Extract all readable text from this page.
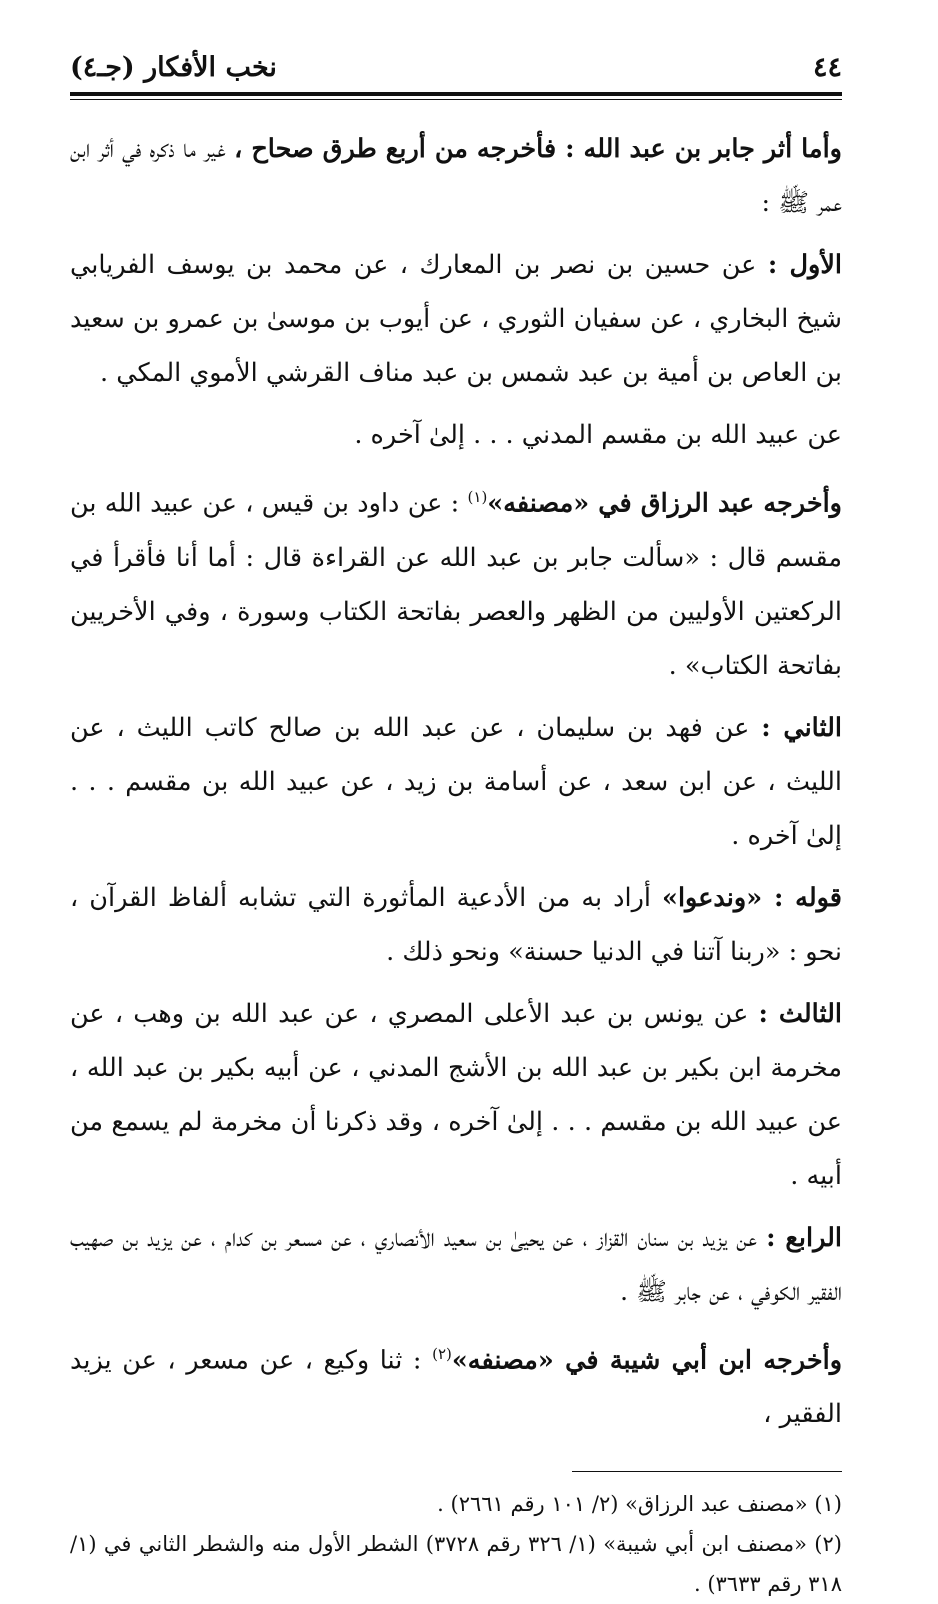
٤٤
نخب الأفكار (جـ٤)

وأما أثر جابر بن عبد الله : فأخرجه من أربع طرق صحاح ، غير ما ذكره في أثر ابن عمر ﷺ :

الأول : عن حسين بن نصر بن المعارك ، عن محمد بن يوسف الفريابي شيخ البخاري ، عن سفيان الثوري ، عن أيوب بن موسىٰ بن عمرو بن سعيد بن العاص بن أمية بن عبد شمس بن عبد مناف القرشي الأموي المكي .

عن عبيد الله بن مقسم المدني . . . إلىٰ آخره .

وأخرجه عبد الرزاق في «مصنفه»$^{(١)}$ : عن داود بن قيس ، عن عبيد الله بن مقسم قال : «سألت جابر بن عبد الله عن القراءة قال : أما أنا فأقرأ في الركعتين الأوليين من الظهر والعصر بفاتحة الكتاب وسورة ، وفي الأخريين بفاتحة الكتاب» .

الثاني : عن فهد بن سليمان ، عن عبد الله بن صالح كاتب الليث ، عن الليث ، عن ابن سعد ، عن أسامة بن زيد ، عن عبيد الله بن مقسم . . . إلىٰ آخره .

قوله : «وندعوا» أراد به من الأدعية المأثورة التي تشابه ألفاظ القرآن ، نحو : «ربنا آتنا في الدنيا حسنة» ونحو ذلك .

الثالث : عن يونس بن عبد الأعلى المصري ، عن عبد الله بن وهب ، عن مخرمة ابن بكير بن عبد الله بن الأشج المدني ، عن أبيه بكير بن عبد الله ، عن عبيد الله بن مقسم . . . إلىٰ آخره ، وقد ذكرنا أن مخرمة لم يسمع من أبيه .

الرابع : عن يزيد بن سنان القزاز ، عن يحيىٰ بن سعيد الأنصاري ، عن مسعر بن كدام ، عن يزيد بن صهيب الفقير الكوفي ، عن جابر ﷺ .

وأخرجه ابن أبي شيبة في «مصنفه»$^{(٢)}$ : ثنا وكيع ، عن مسعر ، عن يزيد الفقير ،

(١) «مصنف عبد الرزاق» (٢/ ١٠١ رقم ٢٦٦١) .

(٢) «مصنف ابن أبي شيبة» (١/ ٣٢٦ رقم ٣٧٢٨) الشطر الأول منه والشطر الثاني في (١/ ٣١٨ رقم ٣٦٣٣) .
